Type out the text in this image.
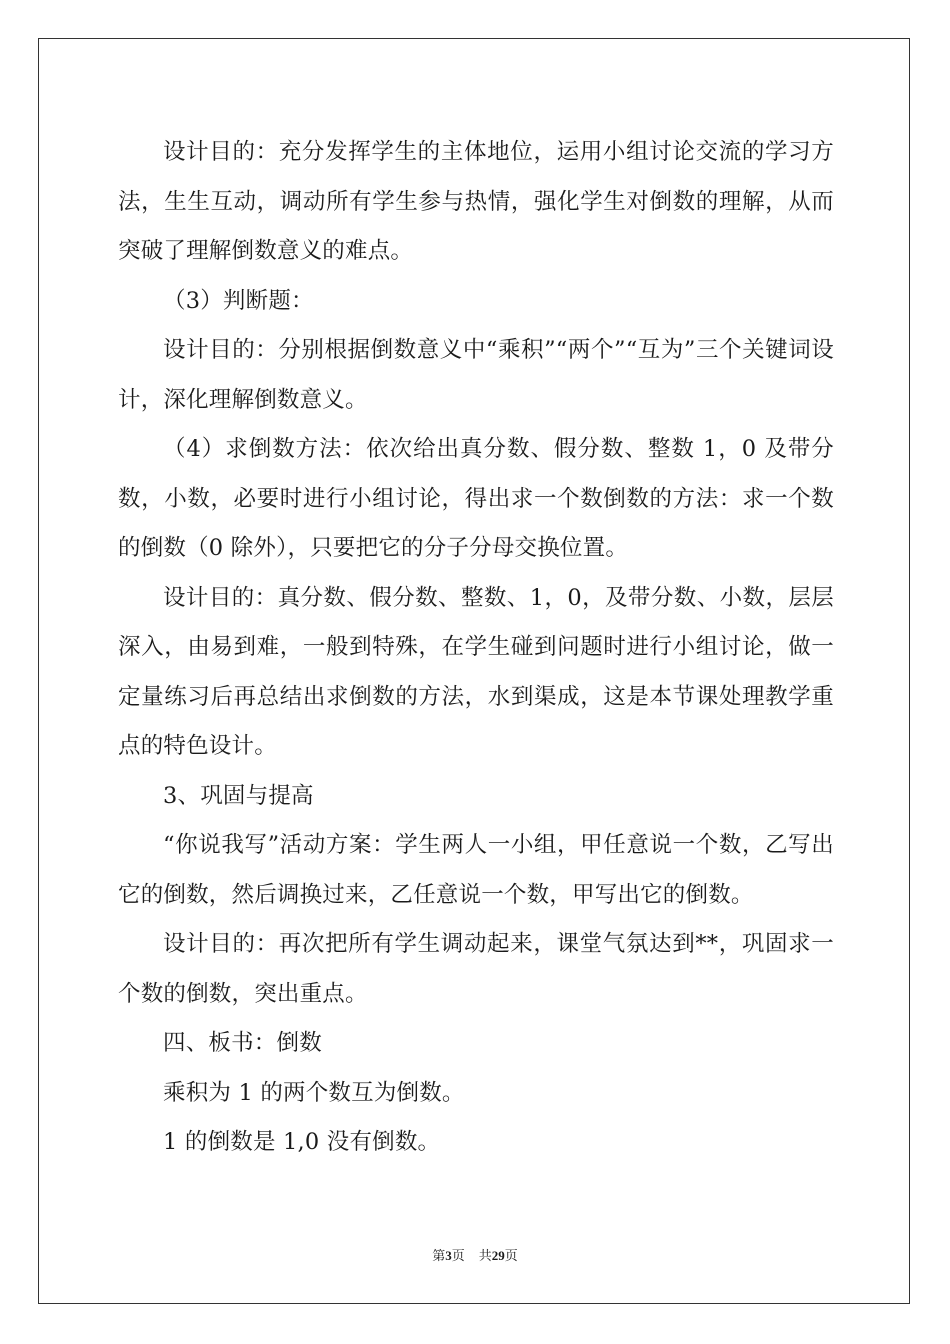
设计目的：充分发挥学生的主体地位，运用小组讨论交流的学习方法，生生互动，调动所有学生参与热情，强化学生对倒数的理解，从而突破了理解倒数意义的难点。

（3）判断题：

设计目的：分别根据倒数意义中“乘积”“两个”“互为”三个关键词设计，深化理解倒数意义。

（4）求倒数方法：依次给出真分数、假分数、整数 1，0 及带分数，小数，必要时进行小组讨论，得出求一个数倒数的方法：求一个数的倒数（0 除外），只要把它的分子分母交换位置。

设计目的：真分数、假分数、整数、1，0，及带分数、小数，层层深入，由易到难，一般到特殊，在学生碰到问题时进行小组讨论，做一定量练习后再总结出求倒数的方法，水到渠成，这是本节课处理教学重点的特色设计。

3、巩固与提高

“你说我写”活动方案：学生两人一小组，甲任意说一个数，乙写出它的倒数，然后调换过来，乙任意说一个数，甲写出它的倒数。

设计目的：再次把所有学生调动起来，课堂气氛达到**，巩固求一个数的倒数，突出重点。

四、板书：倒数

乘积为 1 的两个数互为倒数。

1 的倒数是 1,0 没有倒数。

第3页 共29页
